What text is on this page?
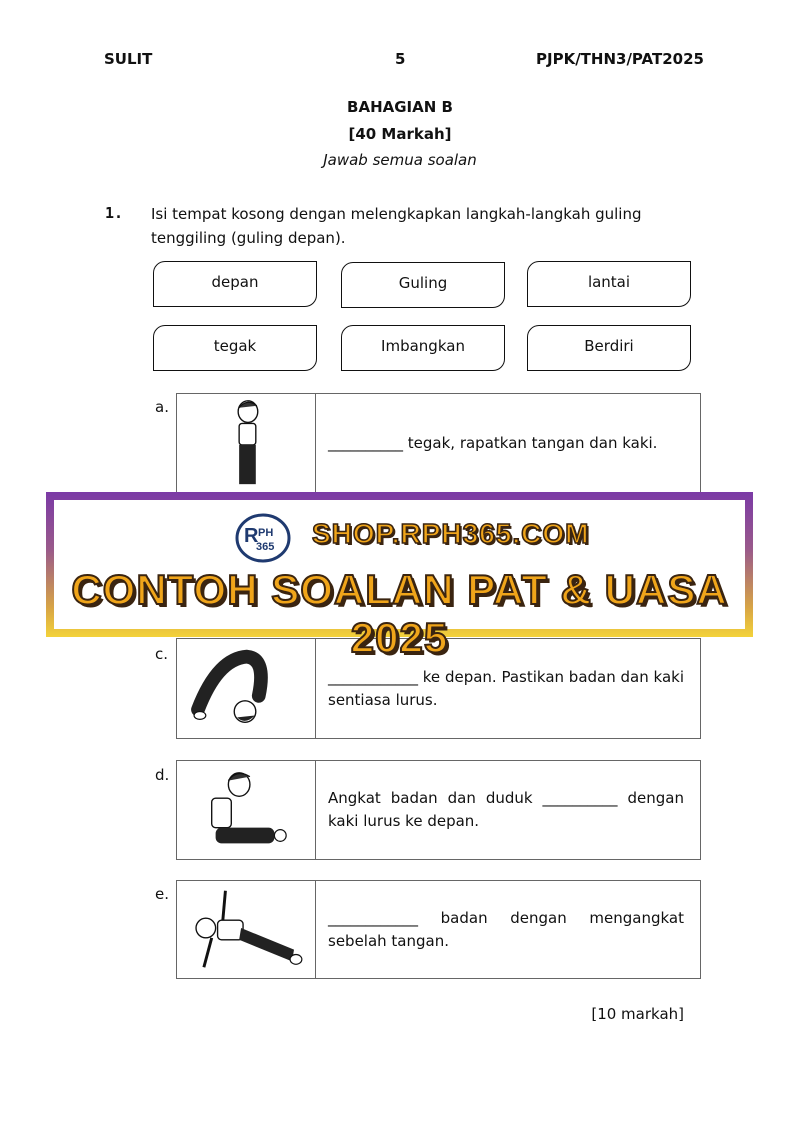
SULIT	5	PJPK/THN3/PAT2025
BAHAGIAN B
[40 Markah]
Jawab semua soalan
1. Isi tempat kosong dengan melengkapkan langkah-langkah guling tenggiling (guling depan).
depan	Guling	lantai
tegak	Imbangkan	Berdiri
a.
__________ tegak, rapatkan tangan dan kaki.
c.
____________ ke depan. Pastikan badan dan kaki sentiasa lurus.
d.
Angkat badan dan duduk __________ dengan kaki lurus ke depan.
e.
____________ badan dengan mengangkat sebelah tangan.
[10 markah]
R PH
365 SHOP.RPH365.COM
CONTOH SOALAN PAT & UASA 2025
